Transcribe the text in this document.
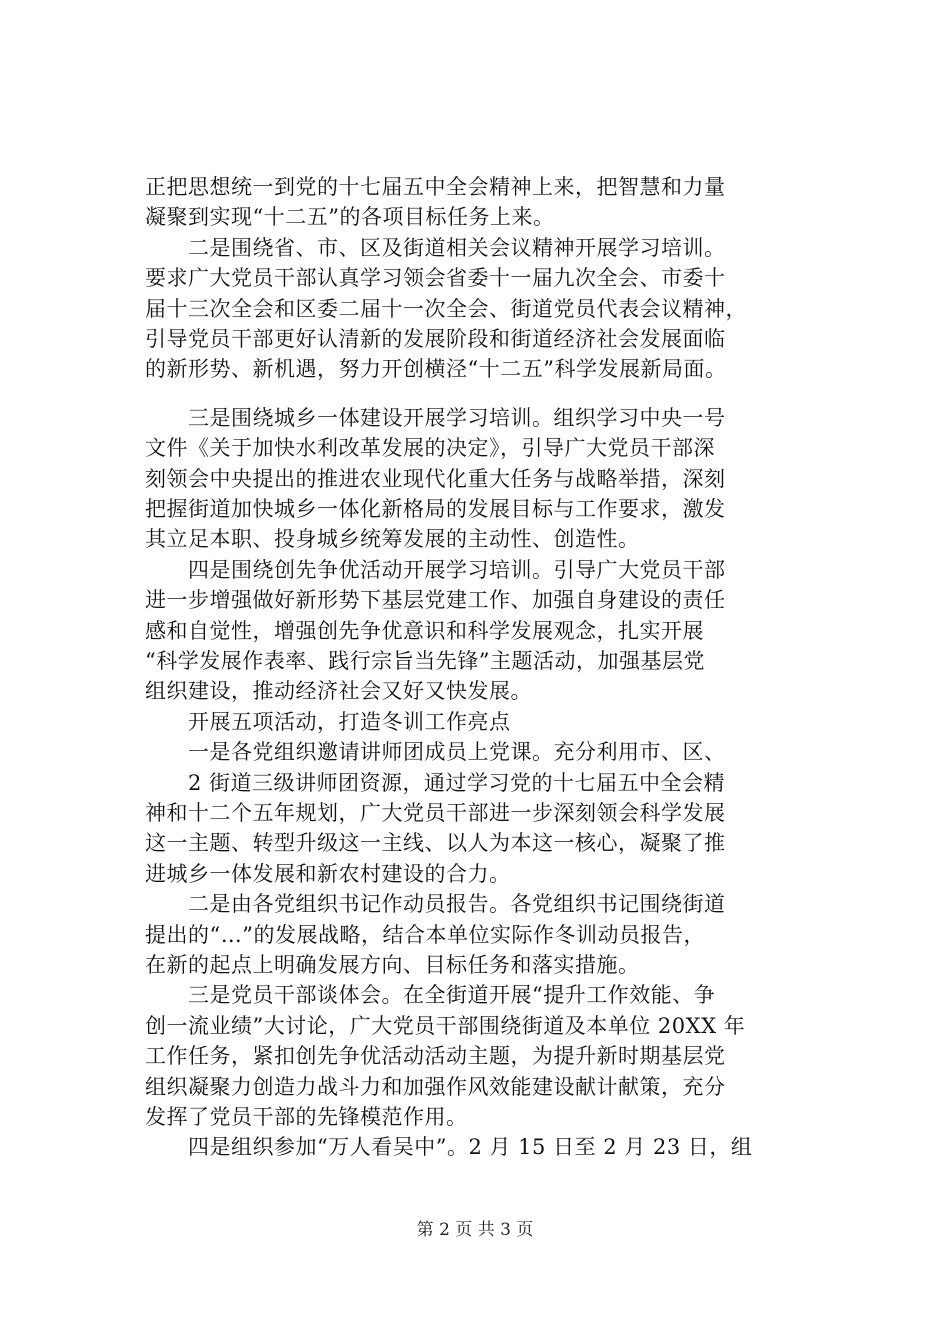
正把思想统一到党的十七届五中全会精神上来，把智慧和力量
凝聚到实现“十二五”的各项目标任务上来。
　　二是围绕省、市、区及街道相关会议精神开展学习培训。
要求广大党员干部认真学习领会省委十一届九次全会、市委十
届十三次全会和区委二届十一次全会、街道党员代表会议精神，
引导党员干部更好认清新的发展阶段和街道经济社会发展面临
的新形势、新机遇，努力开创横泾“十二五”科学发展新局面。
　　三是围绕城乡一体建设开展学习培训。组织学习中央一号
文件《关于加快水利改革发展的决定》，引导广大党员干部深
刻领会中央提出的推进农业现代化重大任务与战略举措，深刻
把握街道加快城乡一体化新格局的发展目标与工作要求，激发
其立足本职、投身城乡统筹发展的主动性、创造性。
　　四是围绕创先争优活动开展学习培训。引导广大党员干部
进一步增强做好新形势下基层党建工作、加强自身建设的责任
感和自觉性，增强创先争优意识和科学发展观念，扎实开展
“科学发展作表率、践行宗旨当先锋”主题活动，加强基层党
组织建设，推动经济社会又好又快发展。
　　开展五项活动，打造冬训工作亮点
　　一是各党组织邀请讲师团成员上党课。充分利用市、区、
　　2 街道三级讲师团资源，通过学习党的十七届五中全会精
神和十二个五年规划，广大党员干部进一步深刻领会科学发展
这一主题、转型升级这一主线、以人为本这一核心，凝聚了推
进城乡一体发展和新农村建设的合力。
　　二是由各党组织书记作动员报告。各党组织书记围绕街道
提出的“…”的发展战略，结合本单位实际作冬训动员报告，
在新的起点上明确发展方向、目标任务和落实措施。
　　三是党员干部谈体会。在全街道开展“提升工作效能、争
创一流业绩”大讨论，广大党员干部围绕街道及本单位 20XX 年
工作任务，紧扣创先争优活动活动主题，为提升新时期基层党
组织凝聚力创造力战斗力和加强作风效能建设献计献策，充分
发挥了党员干部的先锋模范作用。
　　四是组织参加“万人看吴中”。2 月 15 日至 2 月 23 日，组
第 2 页 共 3 页
